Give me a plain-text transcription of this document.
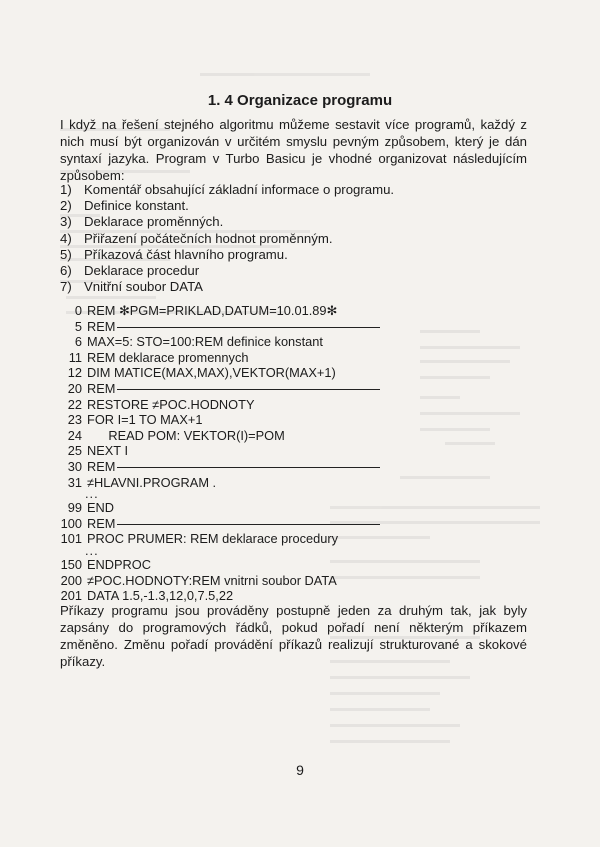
1. 4 Organizace programu

I když na řešení stejného algoritmu můžeme sestavit více programů, každý z nich musí být organizován v určitém smyslu pevným způsobem, který je dán syntaxí jazyka. Program v Turbo Basicu je vhodné organizovat následujícím způsobem:

1) Komentář obsahující základní informace o programu.
2) Definice konstant.
3) Deklarace proměnných.
4) Přiřazení počátečních hodnot proměnným.
5) Příkazová část hlavního programu.
6) Deklarace procedur
7) Vnitřní soubor DATA
0 REM ✻PGM=PRIKLAD,DATUM=10.01.89✻
5 REM
6 MAX=5: STO=100:REM definice konstant
11 REM deklarace promennych
12 DIM MATICE(MAX,MAX),VEKTOR(MAX+1)
20 REM
22 RESTORE ≠POC.HODNOTY
23 FOR I=1 TO MAX+1
24 READ POM: VEKTOR(I)=POM
25 NEXT I
30 REM
31 ≠HLAVNI.PROGRAM .
...
99 END
100 REM
101 PROC PRUMER: REM deklarace procedury
...
150 ENDPROC
200 ≠POC.HODNOTY:REM vnitrni soubor DATA
201 DATA 1.5,-1.3,12,0,7.5,22

Příkazy programu jsou prováděny postupně jeden za druhým tak, jak byly zapsány do programových řádků, pokud pořadí není některým příkazem změněno. Změnu pořadí provádění příkazů realizují strukturované a skokové příkazy.

9
